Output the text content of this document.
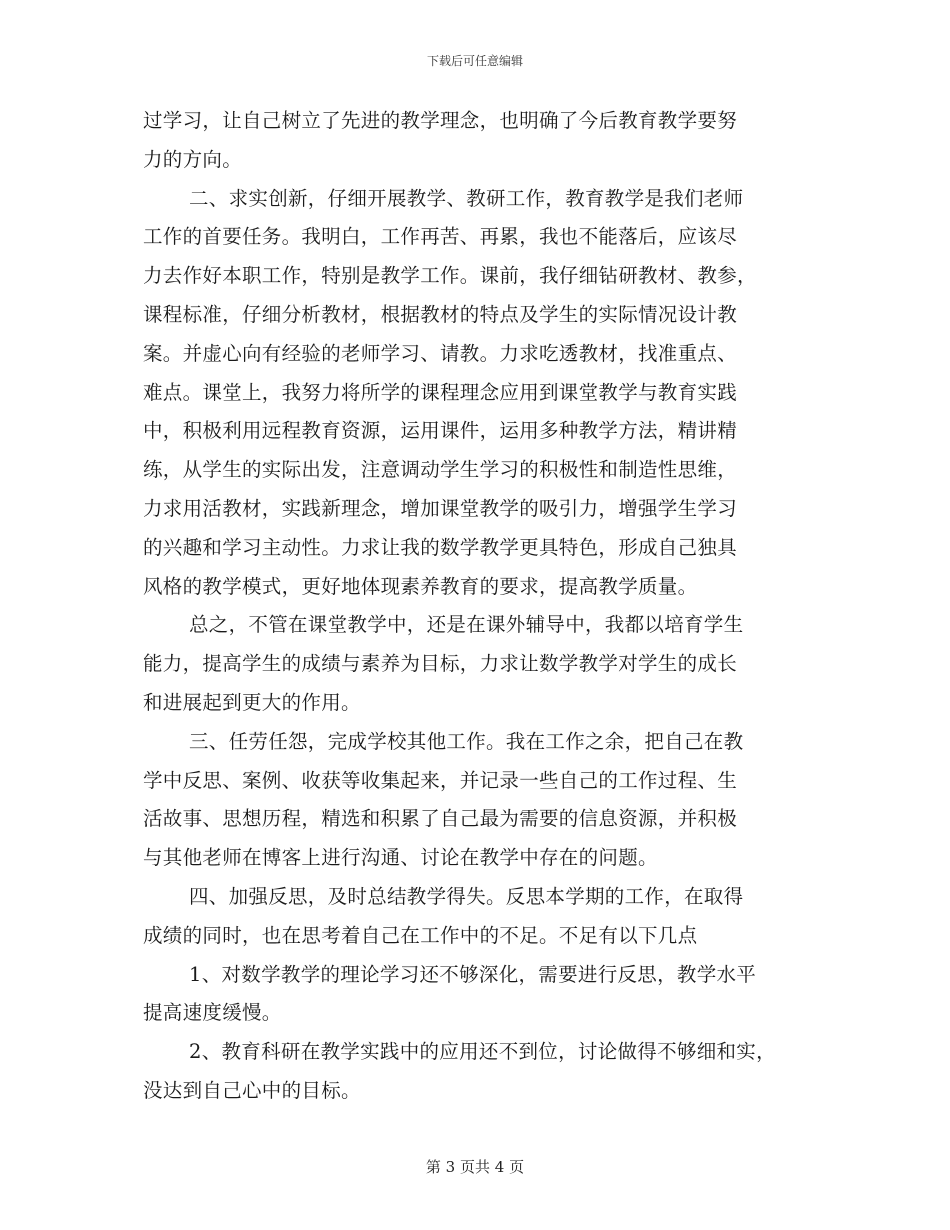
下载后可任意编辑
过学习，让自己树立了先进的教学理念，也明确了今后教育教学要努
力的方向。
二、求实创新，仔细开展教学、教研工作，教育教学是我们老师
工作的首要任务。我明白，工作再苦、再累，我也不能落后，应该尽
力去作好本职工作，特别是教学工作。课前，我仔细钻研教材、教参，
课程标准，仔细分析教材，根据教材的特点及学生的实际情况设计教
案。并虚心向有经验的老师学习、请教。力求吃透教材，找准重点、
难点。课堂上，我努力将所学的课程理念应用到课堂教学与教育实践
中，积极利用远程教育资源，运用课件，运用多种教学方法，精讲精
练，从学生的实际出发，注意调动学生学习的积极性和制造性思维，
力求用活教材，实践新理念，增加课堂教学的吸引力，增强学生学习
的兴趣和学习主动性。力求让我的数学教学更具特色，形成自己独具
风格的教学模式，更好地体现素养教育的要求，提高教学质量。
总之，不管在课堂教学中，还是在课外辅导中，我都以培育学生
能力，提高学生的成绩与素养为目标，力求让数学教学对学生的成长
和进展起到更大的作用。
三、任劳任怨，完成学校其他工作。我在工作之余，把自己在教
学中反思、案例、收获等收集起来，并记录一些自己的工作过程、生
活故事、思想历程，精选和积累了自己最为需要的信息资源，并积极
与其他老师在博客上进行沟通、讨论在教学中存在的问题。
四、加强反思，及时总结教学得失。反思本学期的工作，在取得
成绩的同时，也在思考着自己在工作中的不足。不足有以下几点
1、对数学教学的理论学习还不够深化，需要进行反思，教学水平
提高速度缓慢。
2、教育科研在教学实践中的应用还不到位，讨论做得不够细和实，
没达到自己心中的目标。
第 3 页共 4 页
